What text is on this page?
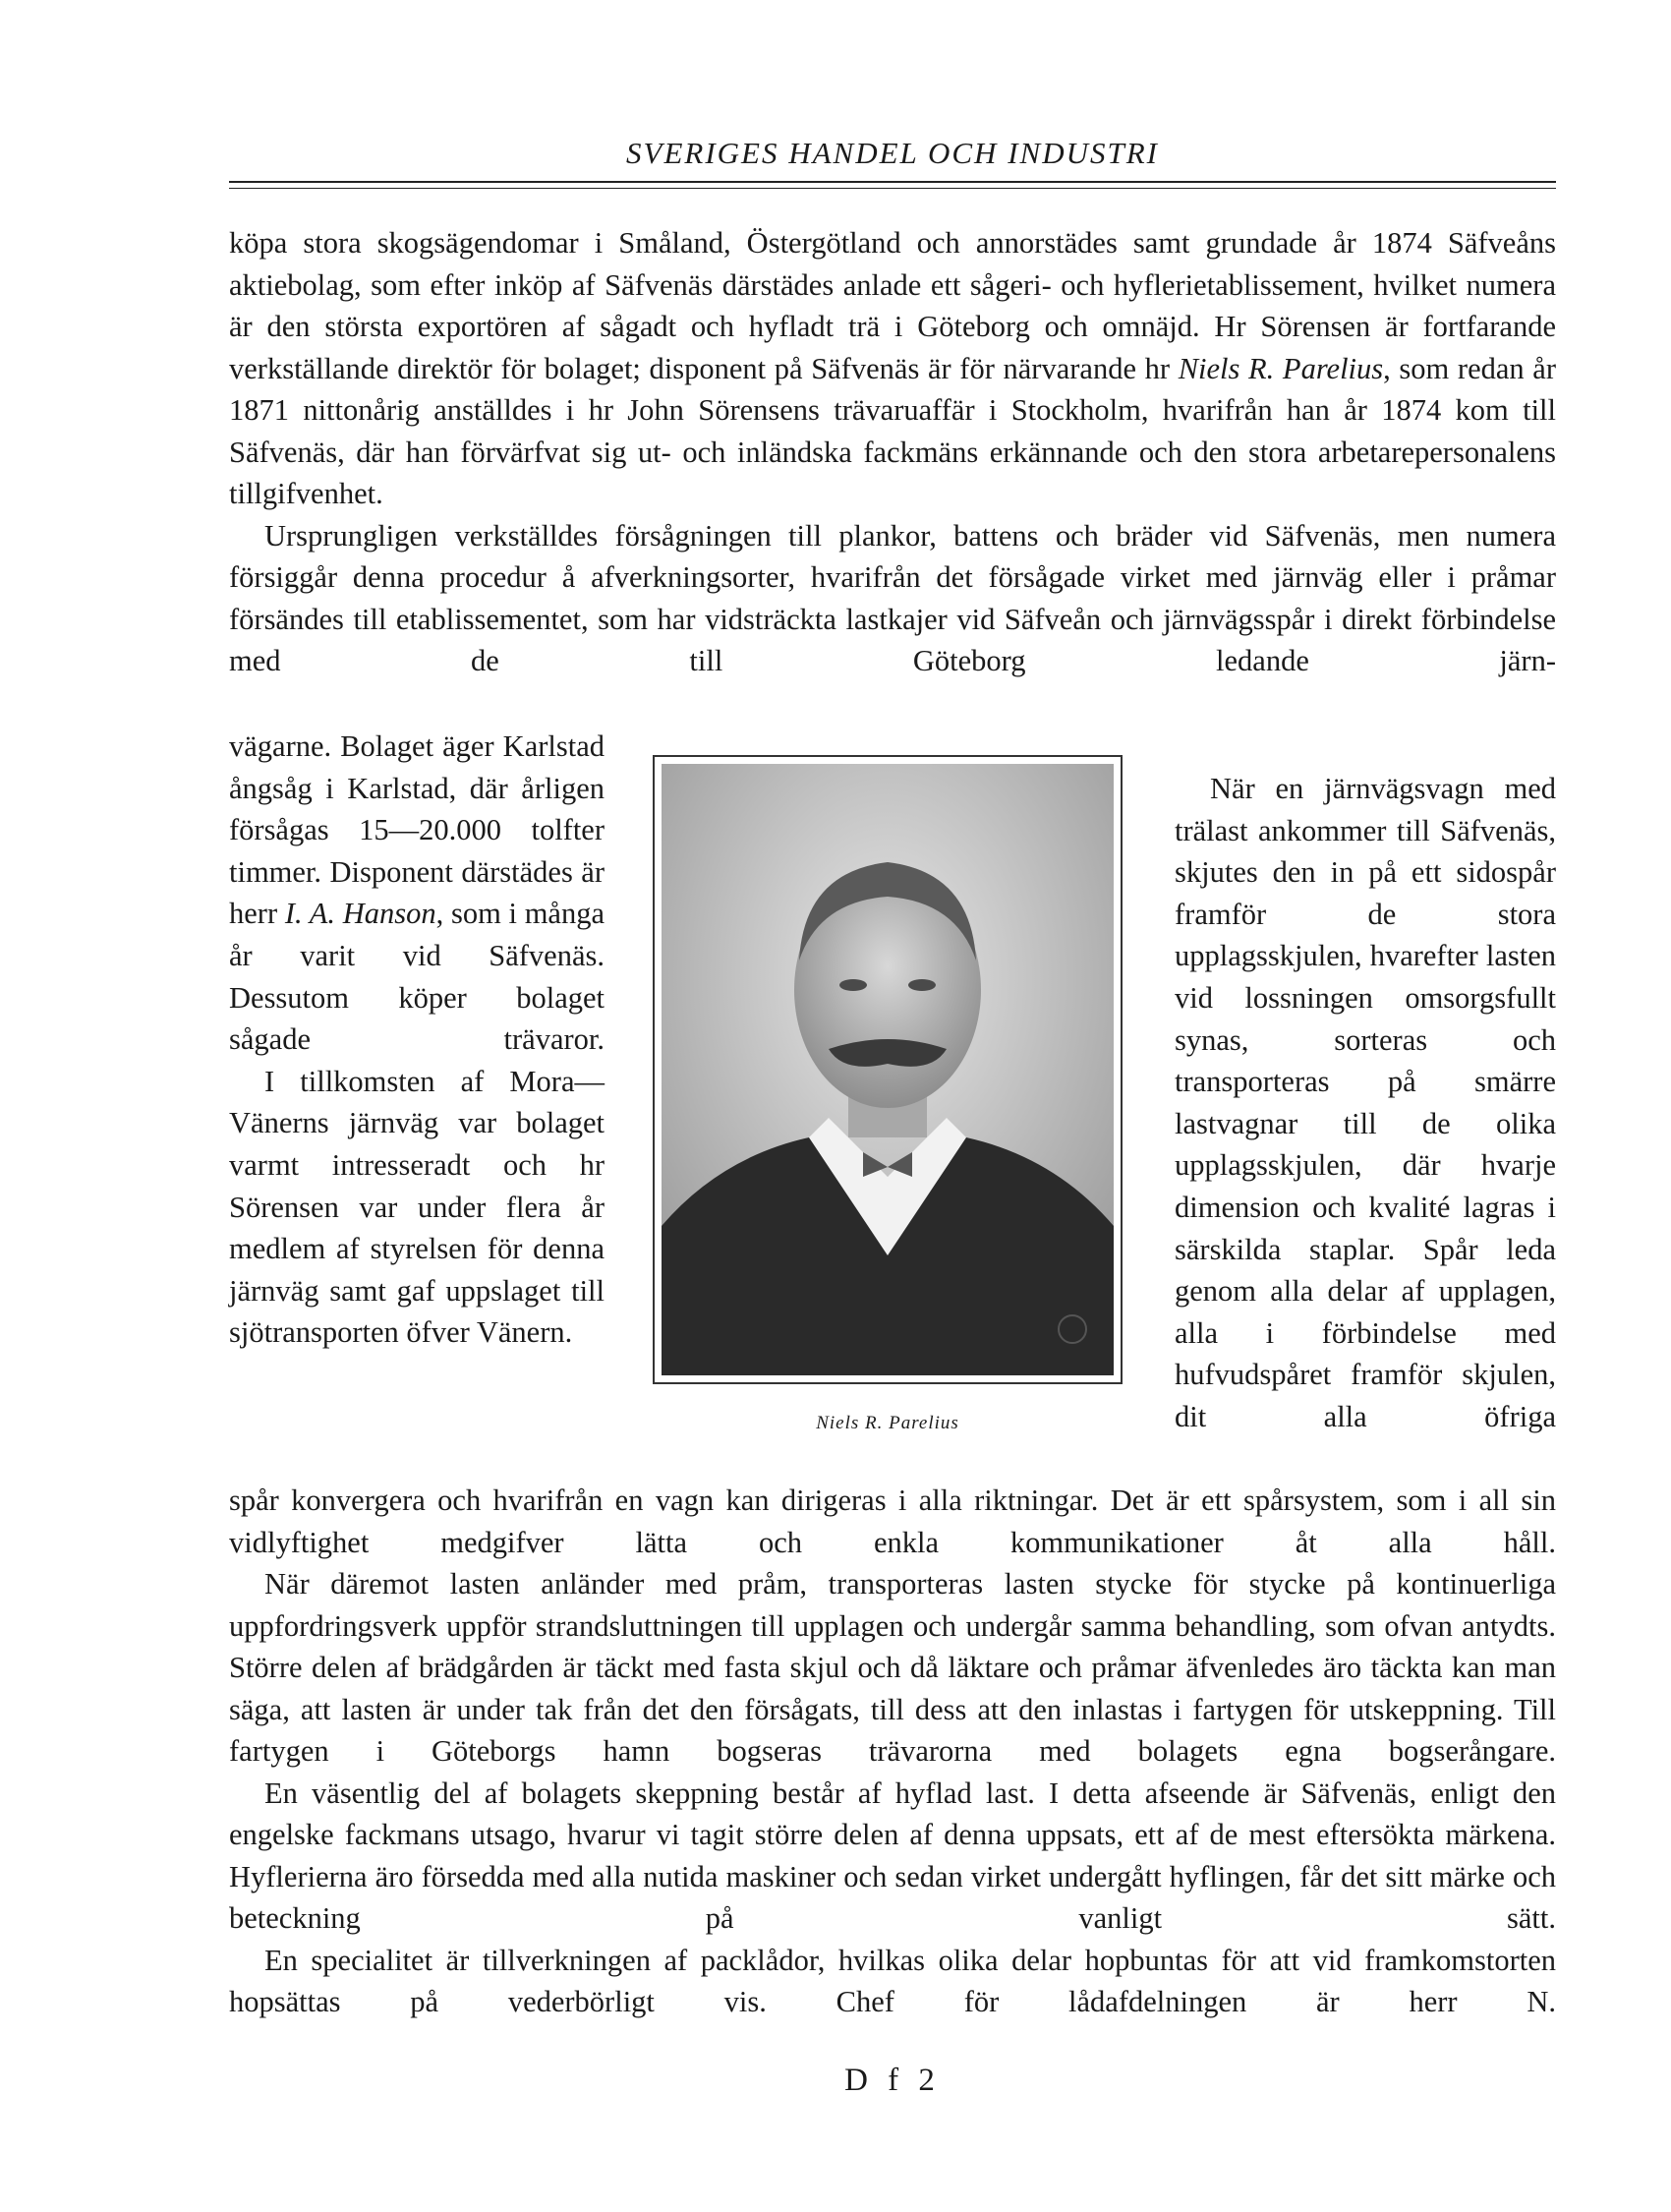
SVERIGES HANDEL OCH INDUSTRI

köpa stora skogsägendomar i Småland, Östergötland och annorstädes samt grundade år 1874 Säfveåns aktiebolag, som efter inköp af Säfvenäs därstädes anlade ett sågeri- och hyflerietablissement, hvilket numera är den största exportören af sågadt och hyfladt trä i Göteborg och omnäjd. Hr Sörensen är fortfarande verkställande direktör för bolaget; disponent på Säfvenäs är för närvarande hr Niels R. Parelius, som redan år 1871 nittonårig anställdes i hr John Sörensens trävaruaffär i Stockholm, hvarifrån han år 1874 kom till Säfvenäs, där han förvärfvat sig ut- och inländska fackmäns erkännande och den stora arbetarepersonalens tillgifvenhet.

Ursprungligen verkställdes försågningen till plankor, battens och bräder vid Säfvenäs, men numera försiggår denna procedur å afverkningsorter, hvarifrån det försågade virket med järnväg eller i pråmar försändes till etablissementet, som har vidsträckta lastkajer vid Säfveån och järnvägsspår i direkt förbindelse med de till Göteborg ledande järn-

vägarne. Bolaget äger Karlstad ångsåg i Karlstad, där årligen försågas 15—20.000 tolfter timmer. Disponent därstädes är herr I. A. Hanson, som i många år varit vid Säfvenäs. Dessutom köper bolaget sågade trävaror.

I tillkomsten af Mora—Vänerns järnväg var bolaget varmt intresseradt och hr Sörensen var under flera år medlem af styrelsen för denna järnväg samt gaf uppslaget till sjötransporten öfver Vänern.

Niels R. Parelius

När en järnvägsvagn med trälast ankommer till Säfvenäs, skjutes den in på ett sidospår framför de stora upplagsskjulen, hvarefter lasten vid lossningen omsorgsfullt synas, sorteras och transporteras på smärre lastvagnar till de olika upplagsskjulen, där hvarje dimension och kvalité lagras i särskilda staplar. Spår leda genom alla delar af upplagen, alla i förbindelse med hufvudspåret framför skjulen, dit alla öfriga

spår konvergera och hvarifrån en vagn kan dirigeras i alla riktningar. Det är ett spårsystem, som i all sin vidlyftighet medgifver lätta och enkla kommunikationer åt alla håll.

När däremot lasten anländer med pråm, transporteras lasten stycke för stycke på kontinuerliga uppfordringsverk uppför strandsluttningen till upplagen och undergår samma behandling, som ofvan antydts. Större delen af brädgården är täckt med fasta skjul och då läktare och pråmar äfvenledes äro täckta kan man säga, att lasten är under tak från det den försågats, till dess att den inlastas i fartygen för utskeppning. Till fartygen i Göteborgs hamn bogseras trävarorna med bolagets egna bogserångare.

En väsentlig del af bolagets skeppning består af hyflad last. I detta afseende är Säfvenäs, enligt den engelske fackmans utsago, hvarur vi tagit större delen af denna uppsats, ett af de mest eftersökta märkena. Hyflerierna äro försedda med alla nutida maskiner och sedan virket undergått hyflingen, får det sitt märke och beteckning på vanligt sätt.

En specialitet är tillverkningen af packlådor, hvilkas olika delar hopbuntas för att vid framkomstorten hopsättas på vederbörligt vis. Chef för lådafdelningen är herr N.

D f 2
